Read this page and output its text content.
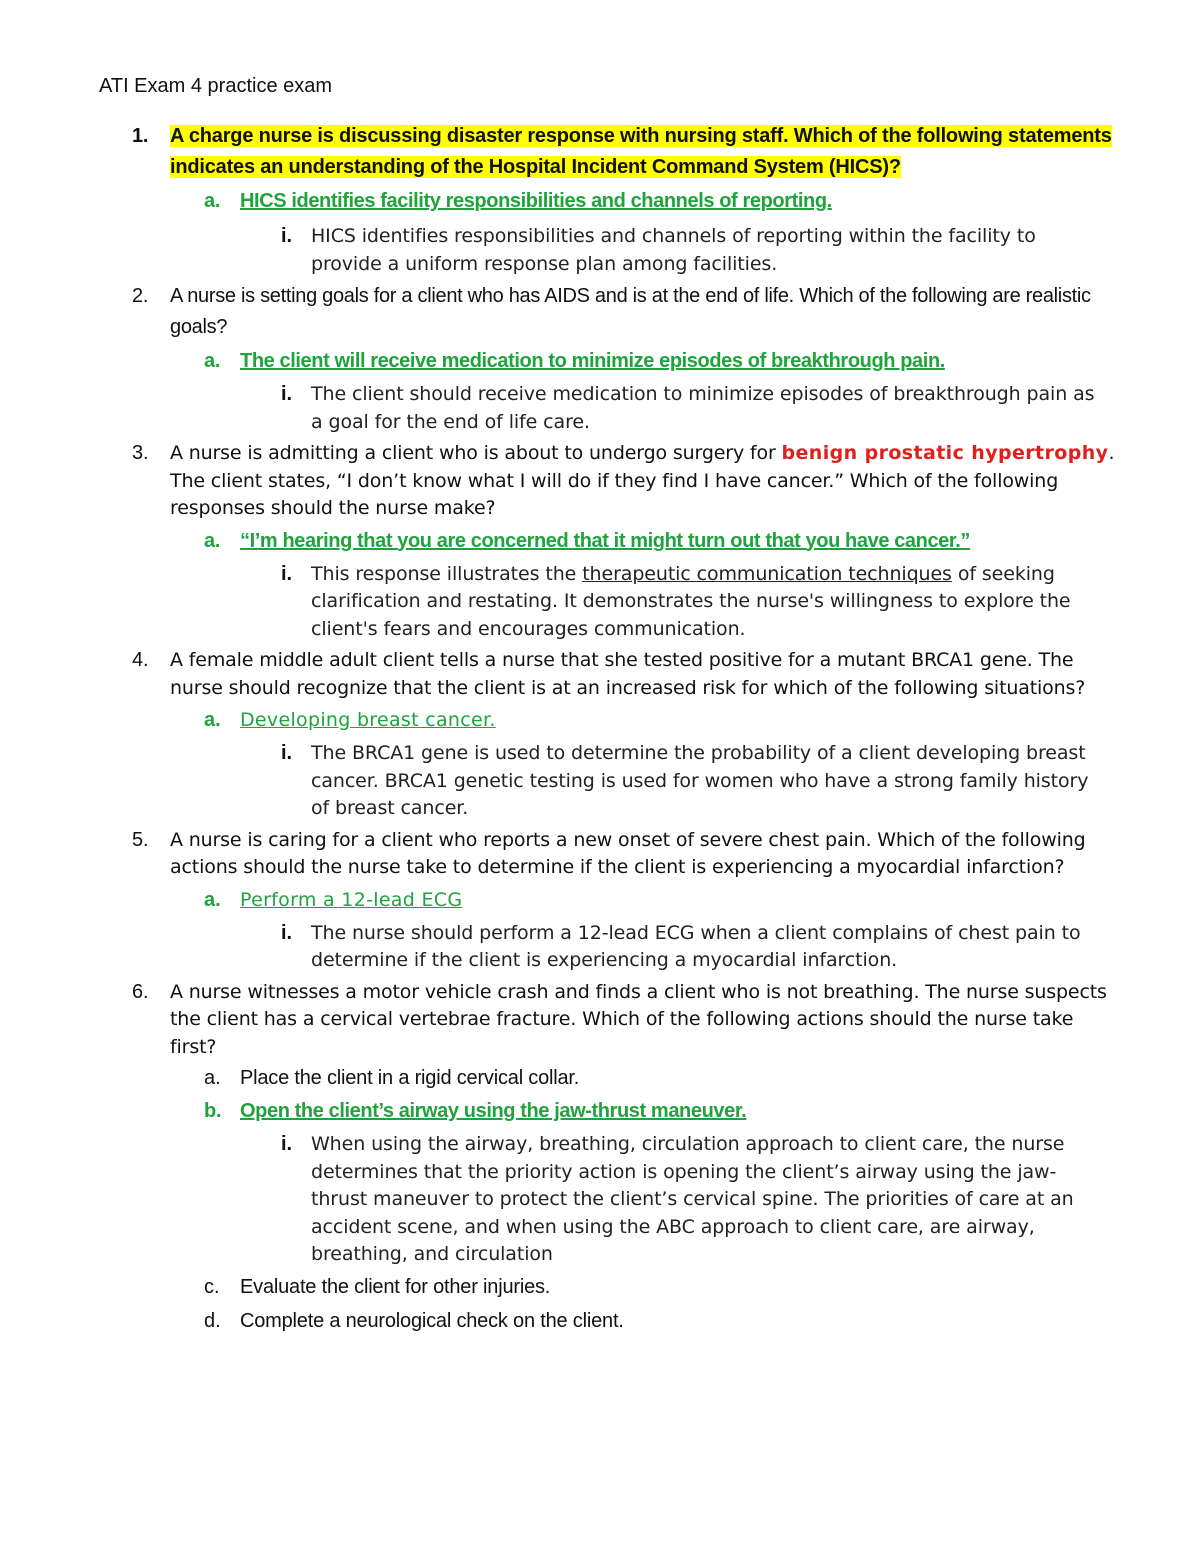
ATI Exam 4 practice exam
1.	A charge nurse is discussing disaster response with nursing staff. Which of the following statements indicates an understanding of the Hospital Incident Command System (HICS)?
a. HICS identifies facility responsibilities and channels of reporting.
i. HICS identifies responsibilities and channels of reporting within the facility to provide a uniform response plan among facilities.
2.	A nurse is setting goals for a client who has AIDS and is at the end of life. Which of the following are realistic goals?
a. The client will receive medication to minimize episodes of breakthrough pain.
i. The client should receive medication to minimize episodes of breakthrough pain as a goal for the end of life care.
3.	A nurse is admitting a client who is about to undergo surgery for benign prostatic hypertrophy. The client states, “I don’t know what I will do if they find I have cancer.” Which of the following responses should the nurse make?
a. “I’m hearing that you are concerned that it might turn out that you have cancer.”
i. This response illustrates the therapeutic communication techniques of seeking clarification and restating. It demonstrates the nurse's willingness to explore the client's fears and encourages communication.
4.	A female middle adult client tells a nurse that she tested positive for a mutant BRCA1 gene. The nurse should recognize that the client is at an increased risk for which of the following situations?
a. Developing breast cancer.
i. The BRCA1 gene is used to determine the probability of a client developing breast cancer. BRCA1 genetic testing is used for women who have a strong family history of breast cancer.
5.	A nurse is caring for a client who reports a new onset of severe chest pain. Which of the following actions should the nurse take to determine if the client is experiencing a myocardial infarction?
a. Perform a 12-lead ECG
i. The nurse should perform a 12-lead ECG when a client complains of chest pain to determine if the client is experiencing a myocardial infarction.
6.	A nurse witnesses a motor vehicle crash and finds a client who is not breathing. The nurse suspects the client has a cervical vertebrae fracture. Which of the following actions should the nurse take first?
a. Place the client in a rigid cervical collar.
b. Open the client’s airway using the jaw-thrust maneuver.
i. When using the airway, breathing, circulation approach to client care, the nurse determines that the priority action is opening the client’s airway using the jaw-thrust maneuver to protect the client’s cervical spine. The priorities of care at an accident scene, and when using the ABC approach to client care, are airway, breathing, and circulation
c. Evaluate the client for other injuries.
d. Complete a neurological check on the client.
